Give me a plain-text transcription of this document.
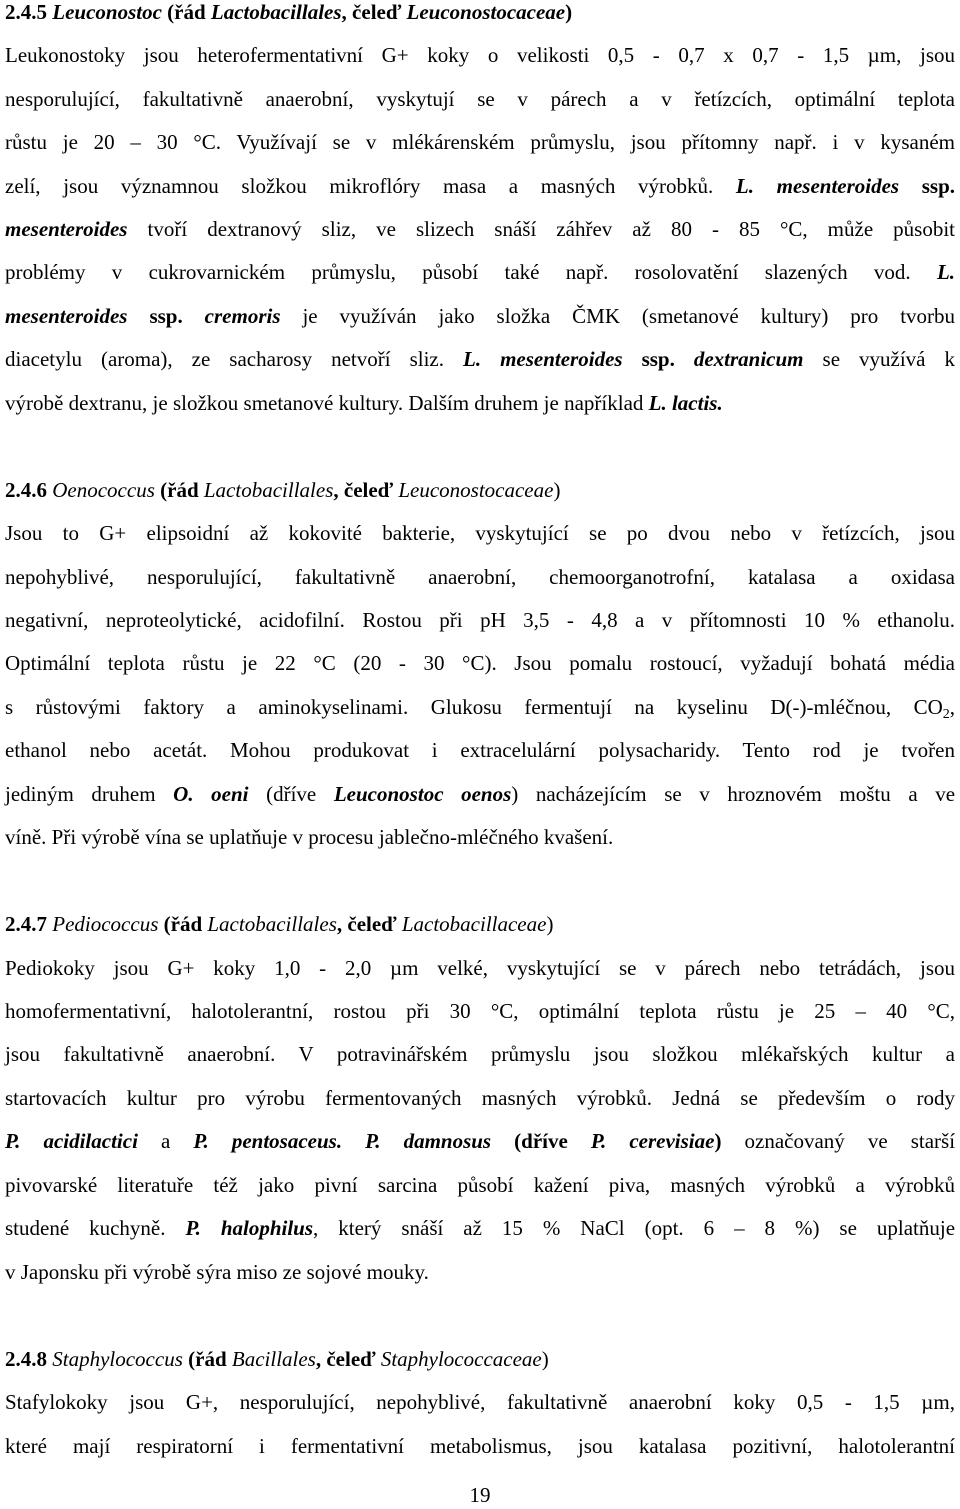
2.4.5 Leuconostoc (řád Lactobacillales, čeleď Leuconostocaceae)
Leukonostoky jsou heterofermentativní G+ koky o velikosti 0,5 - 0,7 x 0,7 - 1,5 µm, jsou
nesporulující, fakultativně anaerobní, vyskytují se v párech a v řetízcích, optimální teplota
růstu je 20 – 30 °C. Využívají se v mlékárenském průmyslu, jsou přítomny např. i v kysaném
zelí, jsou významnou složkou mikroflóry masa a masných výrobků. L. mesenteroides ssp.
mesenteroides tvoří dextranový sliz, ve slizech snáší záhřev až 80 - 85 °C, může působit
problémy v cukrovarnickém průmyslu, působí také např. rosolovatění slazených vod. L.
mesenteroides ssp. cremoris je využíván jako složka ČMK (smetanové kultury) pro tvorbu
diacetylu (aroma), ze sacharosy netvoří sliz. L. mesenteroides ssp. dextranicum se využívá k
výrobě dextranu, je složkou smetanové kultury. Dalším druhem je například L. lactis.
2.4.6 Oenococcus (řád Lactobacillales, čeleď Leuconostocaceae)
Jsou to G+ elipsoidní až kokovité bakterie, vyskytující se po dvou nebo v řetízcích, jsou
nepohyblivé, nesporulující, fakultativně anaerobní, chemoorganotrofní, katalasa a oxidasa
negativní, neproteolytické, acidofilní. Rostou při pH 3,5 - 4,8 a v přítomnosti 10 % ethanolu.
Optimální teplota růstu je 22 °C (20 - 30 °C). Jsou pomalu rostoucí, vyžadují bohatá média
s růstovými faktory a aminokyselinami. Glukosu fermentují na kyselinu D(-)-mléčnou, $CO_2$,
ethanol nebo acetát. Mohou produkovat i extracelulární polysacharidy. Tento rod je tvořen
jediným druhem O. oeni (dříve Leuconostoc oenos) nacházejícím se v hroznovém moštu a ve
víně. Při výrobě vína se uplatňuje v procesu jablečno-mléčného kvašení.
2.4.7 Pediococcus (řád Lactobacillales, čeleď Lactobacillaceae)
Pediokoky jsou G+ koky 1,0 - 2,0 µm velké, vyskytující se v párech nebo tetrádách, jsou
homofermentativní, halotolerantní, rostou při 30 °C, optimální teplota růstu je 25 – 40 °C,
jsou fakultativně anaerobní. V potravinářském průmyslu jsou složkou mlékařských kultur a
startovacích kultur pro výrobu fermentovaných masných výrobků. Jedná se především o rody
P. acidilactici a P. pentosaceus. P. damnosus (dříve P. cerevisiae) označovaný ve starší
pivovarské literatuře též jako pivní sarcina působí kažení piva, masných výrobků a výrobků
studené kuchyně. P. halophilus, který snáší až 15 % NaCl (opt. 6 – 8 %) se uplatňuje
v Japonsku při výrobě sýra miso ze sojové mouky.
2.4.8 Staphylococcus (řád Bacillales, čeleď Staphylococcaceae)
Stafylokoky jsou G+, nesporulující, nepohyblivé, fakultativně anaerobní koky 0,5 - 1,5 µm,
které mají respiratorní i fermentativní metabolismus, jsou katalasa pozitivní, halotolerantní
19
